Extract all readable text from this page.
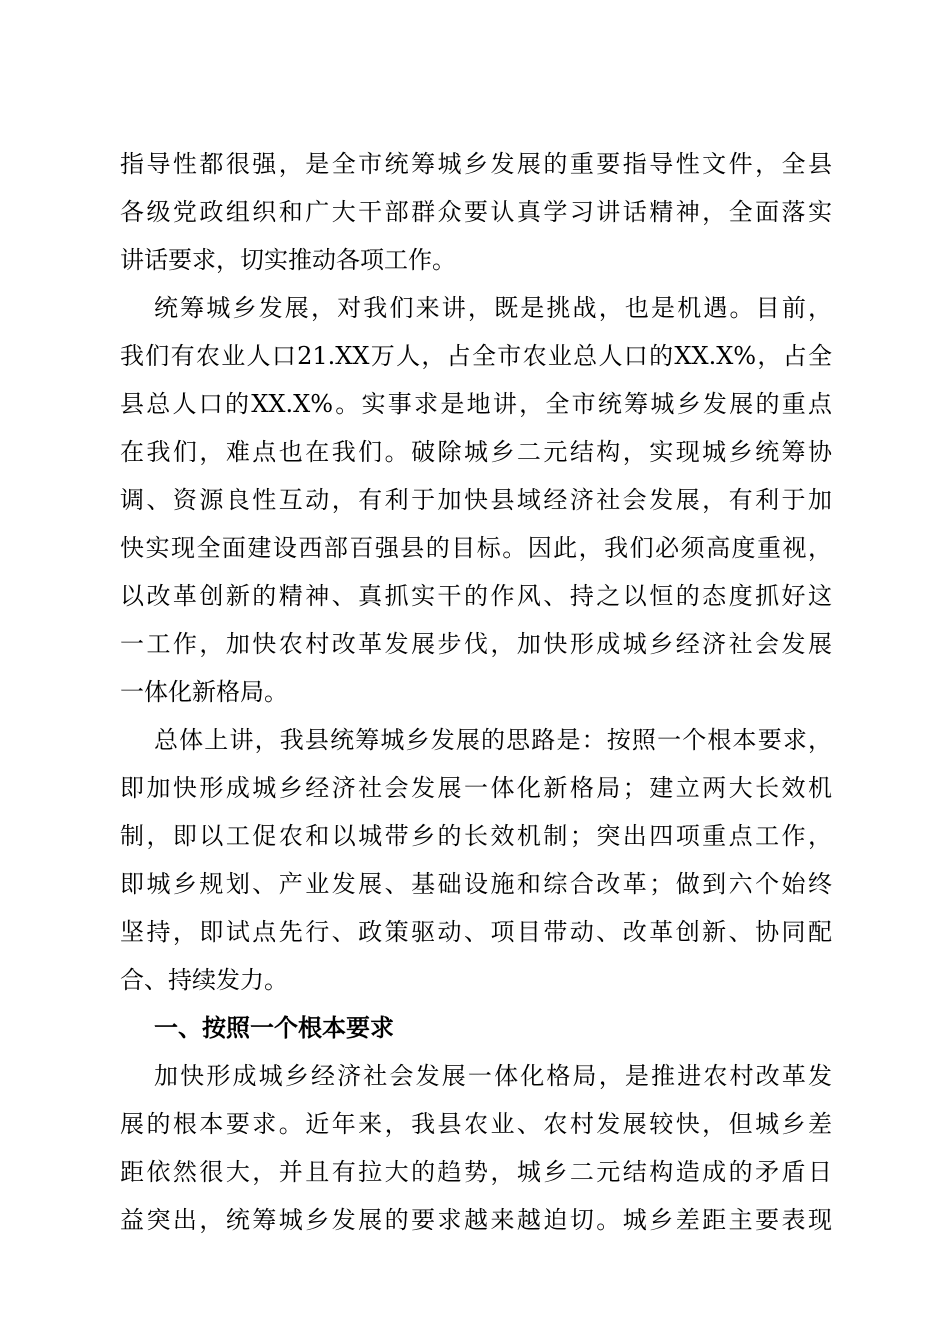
指导性都很强，是全市统筹城乡发展的重要指导性文件，全县
各级党政组织和广大干部群众要认真学习讲话精神，全面落实
讲话要求，切实推动各项工作。
统筹城乡发展，对我们来讲，既是挑战，也是机遇。目前，
我们有农业人口21.XX万人，占全市农业总人口的XX.X%，占全
县总人口的XX.X%。实事求是地讲，全市统筹城乡发展的重点
在我们，难点也在我们。破除城乡二元结构，实现城乡统筹协
调、资源良性互动，有利于加快县域经济社会发展，有利于加
快实现全面建设西部百强县的目标。因此，我们必须高度重视，
以改革创新的精神、真抓实干的作风、持之以恒的态度抓好这
一工作，加快农村改革发展步伐，加快形成城乡经济社会发展
一体化新格局。
总体上讲，我县统筹城乡发展的思路是：按照一个根本要求，
即加快形成城乡经济社会发展一体化新格局；建立两大长效机
制，即以工促农和以城带乡的长效机制；突出四项重点工作，
即城乡规划、产业发展、基础设施和综合改革；做到六个始终
坚持，即试点先行、政策驱动、项目带动、改革创新、协同配
合、持续发力。
一、按照一个根本要求
加快形成城乡经济社会发展一体化格局，是推进农村改革发
展的根本要求。近年来，我县农业、农村发展较快，但城乡差
距依然很大，并且有拉大的趋势，城乡二元结构造成的矛盾日
益突出，统筹城乡发展的要求越来越迫切。城乡差距主要表现
